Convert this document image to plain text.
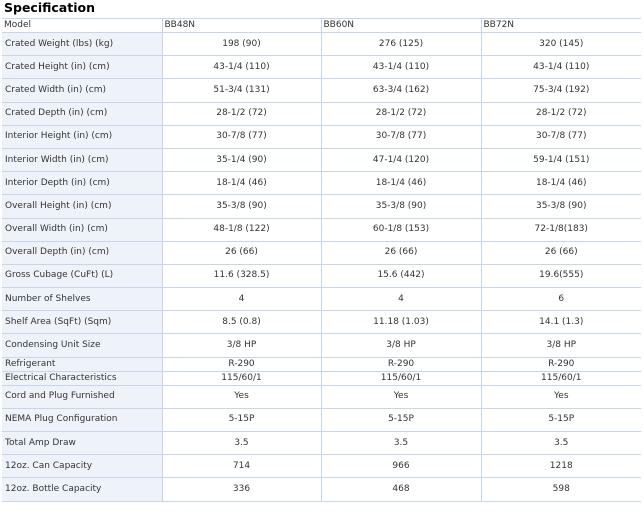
Specification
Model	BB48N	BB60N	BB72N
Crated Weight (lbs) (kg)	198 (90)	276 (125)	320 (145)
Crated Height (in) (cm)	43-1/4 (110)	43-1/4 (110)	43-1/4 (110)
Crated Width (in) (cm)	51-3/4 (131)	63-3/4 (162)	75-3/4 (192)
Crated Depth (in) (cm)	28-1/2 (72)	28-1/2 (72)	28-1/2 (72)
Interior Height (in) (cm)	30-7/8 (77)	30-7/8 (77)	30-7/8 (77)
Interior Width (in) (cm)	35-1/4 (90)	47-1/4 (120)	59-1/4 (151)
Interior Depth (in) (cm)	18-1/4 (46)	18-1/4 (46)	18-1/4 (46)
Overall Height (in) (cm)	35-3/8 (90)	35-3/8 (90)	35-3/8 (90)
Overall Width (in) (cm)	48-1/8 (122)	60-1/8 (153)	72-1/8(183)
Overall Depth (in) (cm)	26 (66)	26 (66)	26 (66)
Gross Cubage (CuFt) (L)	11.6 (328.5)	15.6 (442)	19.6(555)
Number of Shelves	4	4	6
Shelf Area (SqFt) (Sqm)	8.5 (0.8)	11.18 (1.03)	14.1 (1.3)
Condensing Unit Size	3/8 HP	3/8 HP	3/8 HP
Refrigerant	R-290	R-290	R-290
Electrical Characteristics	115/60/1	115/60/1	115/60/1
Cord and Plug Furnished	Yes	Yes	Yes
NEMA Plug Configuration	5-15P	5-15P	5-15P
Total Amp Draw	3.5	3.5	3.5
12oz. Can Capacity	714	966	1218
12oz. Bottle Capacity	336	468	598
